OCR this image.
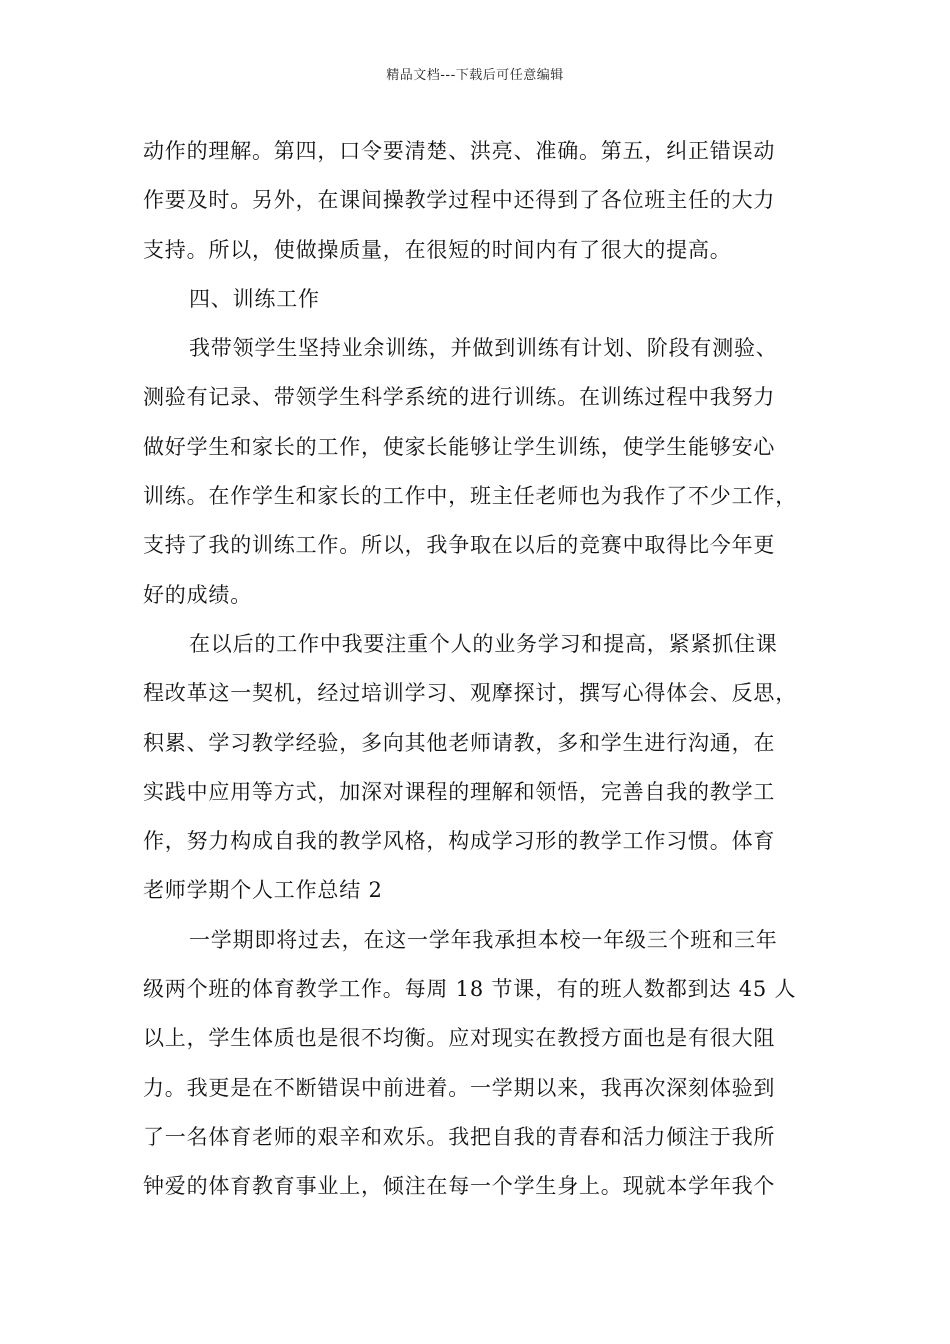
精品文档---下载后可任意编辑
动作的理解。第四，口令要清楚、洪亮、准确。第五，纠正错误动
作要及时。另外，在课间操教学过程中还得到了各位班主任的大力
支持。所以，使做操质量，在很短的时间内有了很大的提高。
四、训练工作
我带领学生坚持业余训练，并做到训练有计划、阶段有测验、
测验有记录、带领学生科学系统的进行训练。在训练过程中我努力
做好学生和家长的工作，使家长能够让学生训练，使学生能够安心
训练。在作学生和家长的工作中，班主任老师也为我作了不少工作，
支持了我的训练工作。所以，我争取在以后的竞赛中取得比今年更
好的成绩。
在以后的工作中我要注重个人的业务学习和提高，紧紧抓住课
程改革这一契机，经过培训学习、观摩探讨，撰写心得体会、反思，
积累、学习教学经验，多向其他老师请教，多和学生进行沟通，在
实践中应用等方式，加深对课程的理解和领悟，完善自我的教学工
作，努力构成自我的教学风格，构成学习形的教学工作习惯。体育
老师学期个人工作总结 2
一学期即将过去，在这一学年我承担本校一年级三个班和三年
级两个班的体育教学工作。每周 18 节课，有的班人数都到达 45 人
以上，学生体质也是很不均衡。应对现实在教授方面也是有很大阻
力。我更是在不断错误中前进着。一学期以来，我再次深刻体验到
了一名体育老师的艰辛和欢乐。我把自我的青春和活力倾注于我所
钟爱的体育教育事业上，倾注在每一个学生身上。现就本学年我个
